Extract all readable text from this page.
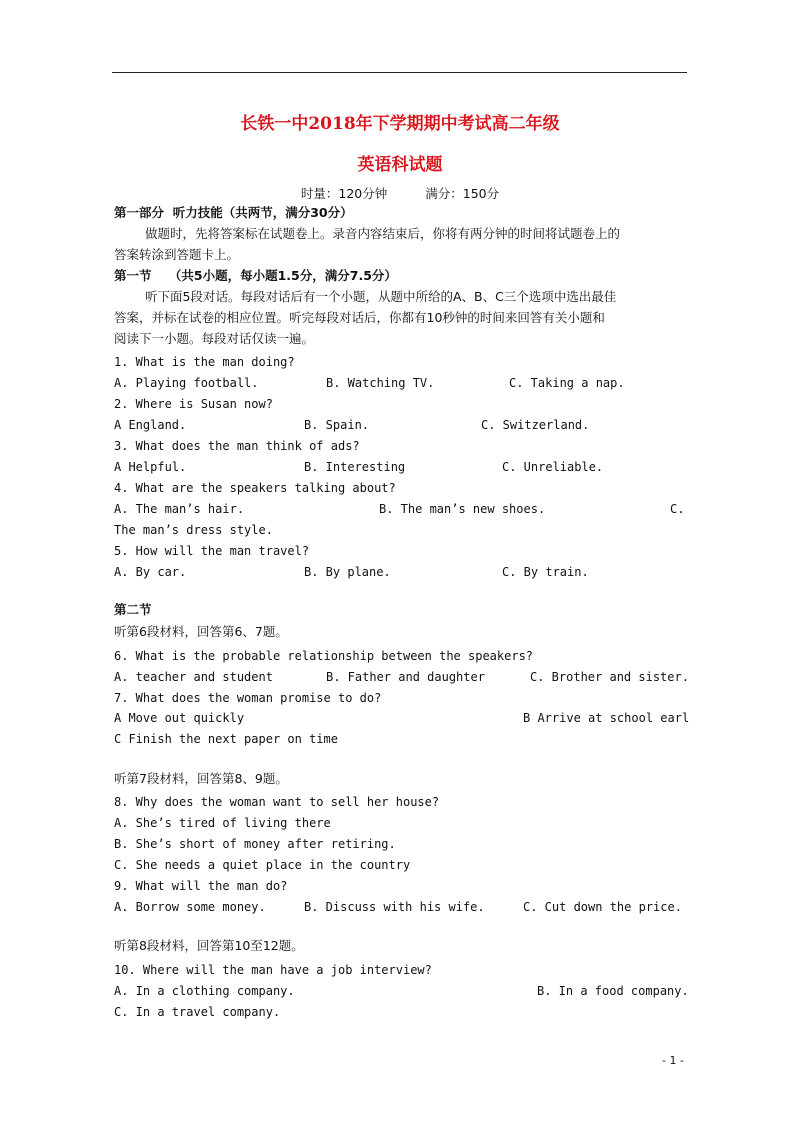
长铁一中2018年下学期期中考试高二年级
英语科试题
时量：120分钟	满分：150分
第一部分  听力技能（共两节，满分30分）
做题时，先将答案标在试题卷上。录音内容结束后，你将有两分钟的时间将试题卷上的
答案转涂到答题卡上。
第一节    （共5小题，每小题1.5分，满分7.5分）
听下面5段对话。每段对话后有一个小题，从题中所给的A、B、C三个选项中选出最佳
答案，并标在试卷的相应位置。听完每段对话后，你都有10秒钟的时间来回答有关小题和
阅读下一小题。每段对话仅读一遍。
1. What is the man doing?
A. Playing football.	B. Watching TV.	C. Taking a nap.
2. Where is Susan now?
A England.	B. Spain.	C. Switzerland.
3. What does the man think of ads?
A Helpful.	B. Interesting	C. Unreliable.
4. What are the speakers talking about?
A. The man’s hair.	B. The man’s new shoes.	C.
The man’s dress style.
5. How will the man travel?
A. By car.	B. By plane.	C. By train.
第二节
听第6段材料，回答第6、7题。
6. What is the probable relationship between the speakers?
A. teacher and student	B. Father and daughter	C. Brother and sister.
7. What does the woman promise to do?
A Move out quickly	B Arrive at school earl
C Finish the next paper on time
听第7段材料，回答第8、9题。
8. Why does the woman want to sell her house?
A. She’s tired of living there
B. She’s short of money after retiring.
C. She needs a quiet place in the country
9. What will the man do?
A. Borrow some money.	B. Discuss with his wife.	C. Cut down the price.
听第8段材料，回答第10至12题。
10. Where will the man have a job interview?
A. In a clothing company.	B. In a food company.
C. In a travel company.
- 1 -
